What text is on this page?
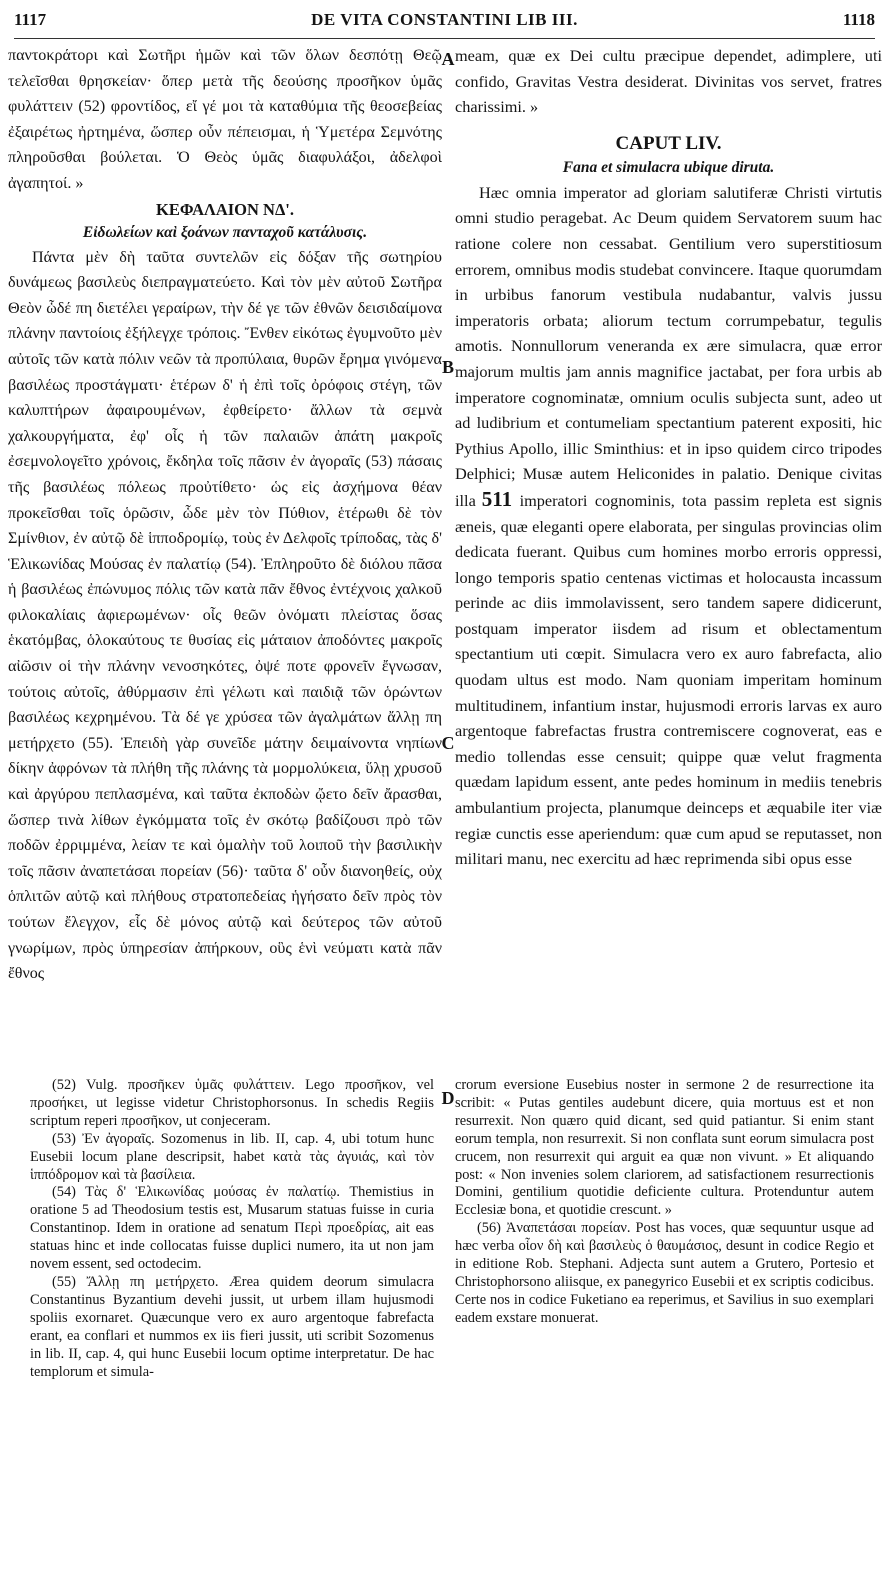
1117	DE VITA CONSTANTINI LIB III.	1118
A
B
C
D

παντοκράτορι καὶ Σωτῆρι ἡμῶν καὶ τῶν ὅλων δεσπότῃ Θεῷ τελεῖσθαι θρησκείαν· ὅπερ μετὰ τῆς δεούσης προσῆκον ὑμᾶς φυλάττειν (52) φροντίδος, εἴ γέ μοι τὰ καταθύμια τῆς θεοσεβείας ἐξαιρέτως ἠρτημένα, ὥσπερ οὖν πέπεισμαι, ἡ Ὑμετέρα Σεμνότης πληροῦσθαι βούλεται. Ὁ Θεὸς ὑμᾶς διαφυλάξοι, ἀδελφοὶ ἀγαπητοί. »

ΚΕΦΑΛΑΙΟΝ ΝΔ'.
Εἰδωλείων καὶ ξοάνων πανταχοῦ κατάλυσις.

Πάντα μὲν δὴ ταῦτα συντελῶν εἰς δόξαν τῆς σωτηρίου δυνάμεως βασιλεὺς διεπραγματεύετο. Καὶ τὸν μὲν αὐτοῦ Σωτῆρα Θεὸν ὧδέ πη διετέλει γεραίρων, τὴν δέ γε τῶν ἐθνῶν δεισιδαίμονα πλάνην παντοίοις ἐξήλεγχε τρόποις. Ἔνθεν εἰκότως ἐγυμνοῦτο μὲν αὐτοῖς τῶν κατὰ πόλιν νεῶν τὰ προπύλαια, θυρῶν ἔρημα γινόμενα βασιλέως προστάγματι· ἑτέρων δ' ἡ ἐπὶ τοῖς ὀρόφοις στέγη, τῶν καλυπτήρων ἀφαιρουμένων, ἐφθείρετο· ἄλλων τὰ σεμνὰ χαλκουργήματα, ἐφ' οἷς ἡ τῶν παλαιῶν ἀπάτη μακροῖς ἐσεμνολογεῖτο χρόνοις, ἔκδηλα τοῖς πᾶσιν ἐν ἀγοραῖς (53) πάσαις τῆς βασιλέως πόλεως προὐτίθετο· ὡς εἰς ἀσχήμονα θέαν προκεῖσθαι τοῖς ὁρῶσιν, ὧδε μὲν τὸν Πύθιον, ἑτέρωθι δὲ τὸν Σμίνθιον, ἐν αὐτῷ δὲ ἱπποδρομίῳ, τοὺς ἐν Δελφοῖς τρίποδας, τὰς δ' Ἑλικωνίδας Μούσας ἐν παλατίῳ (54). Ἐπληροῦτο δὲ διόλου πᾶσα ἡ βασιλέως ἐπώνυμος πόλις τῶν κατὰ πᾶν ἔθνος ἐντέχνοις χαλκοῦ φιλοκαλίαις ἀφιερωμένων· οἷς θεῶν ὀνόματι πλείστας ὅσας ἑκατόμβας, ὁλοκαύτους τε θυσίας εἰς μάταιον ἀποδόντες μακροῖς αἰῶσιν οἱ τὴν πλάνην νενοσηκότες, ὀψέ ποτε φρονεῖν ἔγνωσαν, τούτοις αὐτοῖς, ἀθύρμασιν ἐπὶ γέλωτι καὶ παιδιᾷ τῶν ὁρώντων βασιλέως κεχρημένου. Τὰ δέ γε χρύσεα τῶν ἀγαλμάτων ἄλλῃ πη μετήρχετο (55). Ἐπειδὴ γὰρ συνεῖδε μάτην δειμαίνοντα νηπίων δίκην ἀφρόνων τὰ πλήθη τῆς πλάνης τὰ μορμολύκεια, ὕλῃ χρυσοῦ καὶ ἀργύρου πεπλασμένα, καὶ ταῦτα ἐκποδὼν ᾤετο δεῖν ἄρασθαι, ὥσπερ τινὰ λίθων ἐγκόμματα τοῖς ἐν σκότῳ βαδίζουσι πρὸ τῶν ποδῶν ἐρριμμένα, λείαν τε καὶ ὁμαλὴν τοῦ λοιποῦ τὴν βασιλικὴν τοῖς πᾶσιν ἀναπετάσαι πορείαν (56)· ταῦτα δ' οὖν διανοηθείς, οὐχ ὁπλιτῶν αὐτῷ καὶ πλήθους στρατοπεδείας ἡγήσατο δεῖν πρὸς τὸν τούτων ἔλεγχον, εἷς δὲ μόνος αὐτῷ καὶ δεύτερος τῶν αὐτοῦ γνωρίμων, πρὸς ὑπηρεσίαν ἀπήρκουν, οὓς ἑνὶ νεύματι κατὰ πᾶν ἔθνος

meam, quæ ex Dei cultu præcipue dependet, adimplere, uti confido, Gravitas Vestra desiderat. Divinitas vos servet, fratres charissimi. »

CAPUT LIV.
Fana et simulacra ubique diruta.

Hæc omnia imperator ad gloriam salutiferæ Christi virtutis omni studio peragebat. Ac Deum quidem Servatorem suum hac ratione colere non cessabat. Gentilium vero superstitiosum errorem, omnibus modis studebat convincere. Itaque quorumdam in urbibus fanorum vestibula nudabantur, valvis jussu imperatoris orbata; aliorum tectum corrumpebatur, tegulis amotis. Nonnullorum veneranda ex ære simulacra, quæ error majorum multis jam annis magnifice jactabat, per fora urbis ab imperatore cognominatæ, omnium oculis subjecta sunt, adeo ut ad ludibrium et contumeliam spectantium paterent expositi, hic Pythius Apollo, illic Sminthius: et in ipso quidem circo tripodes Delphici; Musæ autem Heliconides in palatio. Denique civitas illa 511 imperatori cognominis, tota passim repleta est signis æneis, quæ eleganti opere elaborata, per singulas provincias olim dedicata fuerant. Quibus cum homines morbo erroris oppressi, longo temporis spatio centenas victimas et holocausta incassum perinde ac diis immolavissent, sero tandem sapere didicerunt, postquam imperator iisdem ad risum et oblectamentum spectantium uti cœpit. Simulacra vero ex auro fabrefacta, alio quodam ultus est modo. Nam quoniam imperitam hominum multitudinem, infantium instar, hujusmodi erroris larvas ex auro argentoque fabrefactas frustra contremiscere cognoverat, eas e medio tollendas esse censuit; quippe quæ velut fragmenta quædam lapidum essent, ante pedes hominum in mediis tenebris ambulantium projecta, planumque deinceps et æquabile iter viæ regiæ cunctis esse aperiendum: quæ cum apud se reputasset, non militari manu, nec exercitu ad hæc reprimenda sibi opus esse

(52) Vulg. προσῆκεν ὑμᾶς φυλάττειν. Lego προσῆκον, vel προσήκει, ut legisse videtur Christophorsonus. In schedis Regiis scriptum reperi προσῆκον, ut conjeceram.

(53) Ἐν ἀγοραῖς. Sozomenus in lib. II, cap. 4, ubi totum hunc Eusebii locum plane descripsit, habet κατὰ τὰς ἀγυιάς, καὶ τὸν ἱππόδρομον καὶ τὰ βασίλεια.

(54) Τὰς δ' Ἑλικωνίδας μούσας ἐν παλατίῳ. Themistius in oratione 5 ad Theodosium testis est, Musarum statuas fuisse in curia Constantinop. Idem in oratione ad senatum Περὶ προεδρίας, ait eas statuas hinc et inde collocatas fuisse duplici numero, ita ut non jam novem essent, sed octodecim.

(55) Ἄλλῃ πη μετήρχετο. Ærea quidem deorum simulacra Constantinus Byzantium devehi jussit, ut urbem illam hujusmodi spoliis exornaret. Quæcunque vero ex auro argentoque fabrefacta erant, ea conflari et nummos ex iis fieri jussit, uti scribit Sozomenus in lib. II, cap. 4, qui hunc Eusebii locum optime interpretatur. De hac templorum et simula-

crorum eversione Eusebius noster in sermone 2 de resurrectione ita scribit: « Putas gentiles audebunt dicere, quia mortuus est et non resurrexit. Non quæro quid dicant, sed quid patiantur. Si enim stant eorum templa, non resurrexit. Si non conflata sunt eorum simulacra post crucem, non resurrexit qui arguit ea quæ non vivunt. » Et aliquando post: « Non invenies solem clariorem, ad satisfactionem resurrectionis Domini, gentilium quotidie deficiente cultura. Protenduntur autem Ecclesiæ bona, et quotidie crescunt. »

(56) Ἀναπετάσαι πορείαν. Post has voces, quæ sequuntur usque ad hæc verba οἷον δὴ καὶ βασιλεὺς ὁ θαυμάσιος, desunt in codice Regio et in editione Rob. Stephani. Adjecta sunt autem a Grutero, Portesio et Christophorsono aliisque, ex panegyrico Eusebii et ex scriptis codicibus. Certe nos in codice Fuketiano ea reperimus, et Savilius in suo exemplari eadem exstare monuerat.
